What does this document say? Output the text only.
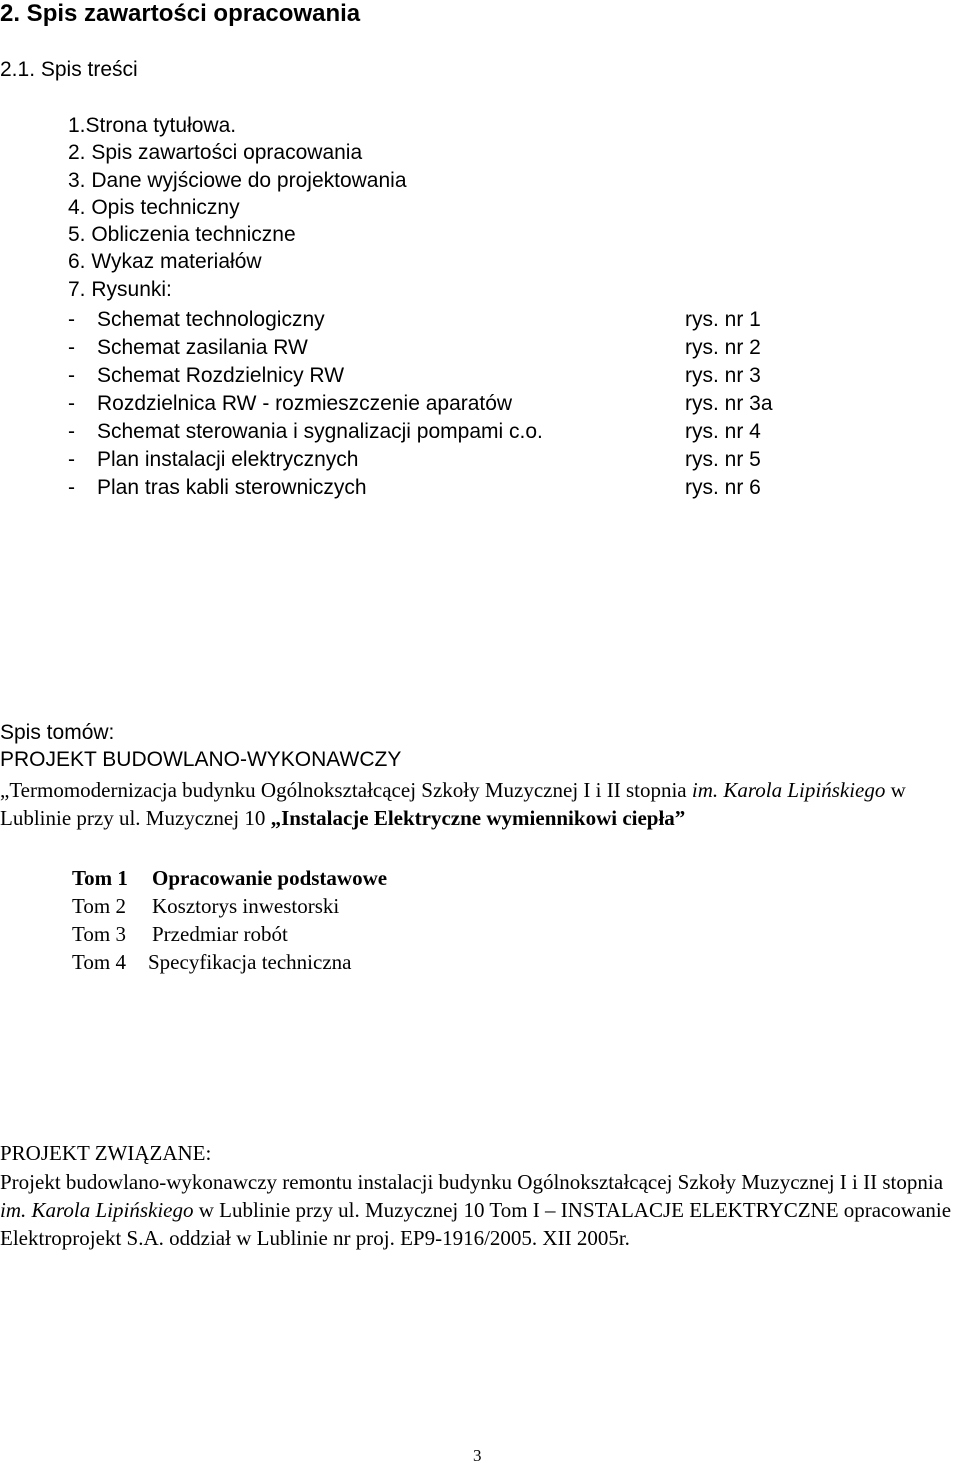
2. Spis zawartości opracowania
2.1. Spis treści
1.Strona tytułowa.
2. Spis zawartości opracowania
3. Dane wyjściowe do projektowania
4. Opis techniczny
5. Obliczenia techniczne
6. Wykaz materiałów
7. Rysunki:
- Schemat technologiczny	rys. nr 1
- Schemat zasilania RW	rys. nr 2
- Schemat Rozdzielnicy RW	rys. nr 3
- Rozdzielnica RW - rozmieszczenie aparatów	rys. nr 3a
- Schemat sterowania i sygnalizacji pompami c.o.	rys. nr 4
- Plan instalacji elektrycznych	rys. nr 5
- Plan tras kabli sterowniczych	rys. nr 6
Spis tomów:
PROJEKT BUDOWLANO-WYKONAWCZY
„Termomodernizacja budynku Ogólnokształcącej Szkoły Muzycznej I i II stopnia im. Karola Lipińskiego w Lublinie przy ul. Muzycznej 10 „Instalacje Elektryczne wymiennikowi ciepła”
Tom 1 Opracowanie podstawowe
Tom 2 Kosztorys inwestorski
Tom 3 Przedmiar robót
Tom 4 Specyfikacja techniczna
PROJEKT ZWIĄZANE:
Projekt budowlano-wykonawczy remontu instalacji budynku Ogólnokształcącej Szkoły Muzycznej I i II stopnia im. Karola Lipińskiego w Lublinie przy ul. Muzycznej 10 Tom I – INSTALACJE ELEKTRYCZNE opracowanie Elektroprojekt S.A. oddział w Lublinie nr proj. EP9-1916/2005. XII 2005r.
3
